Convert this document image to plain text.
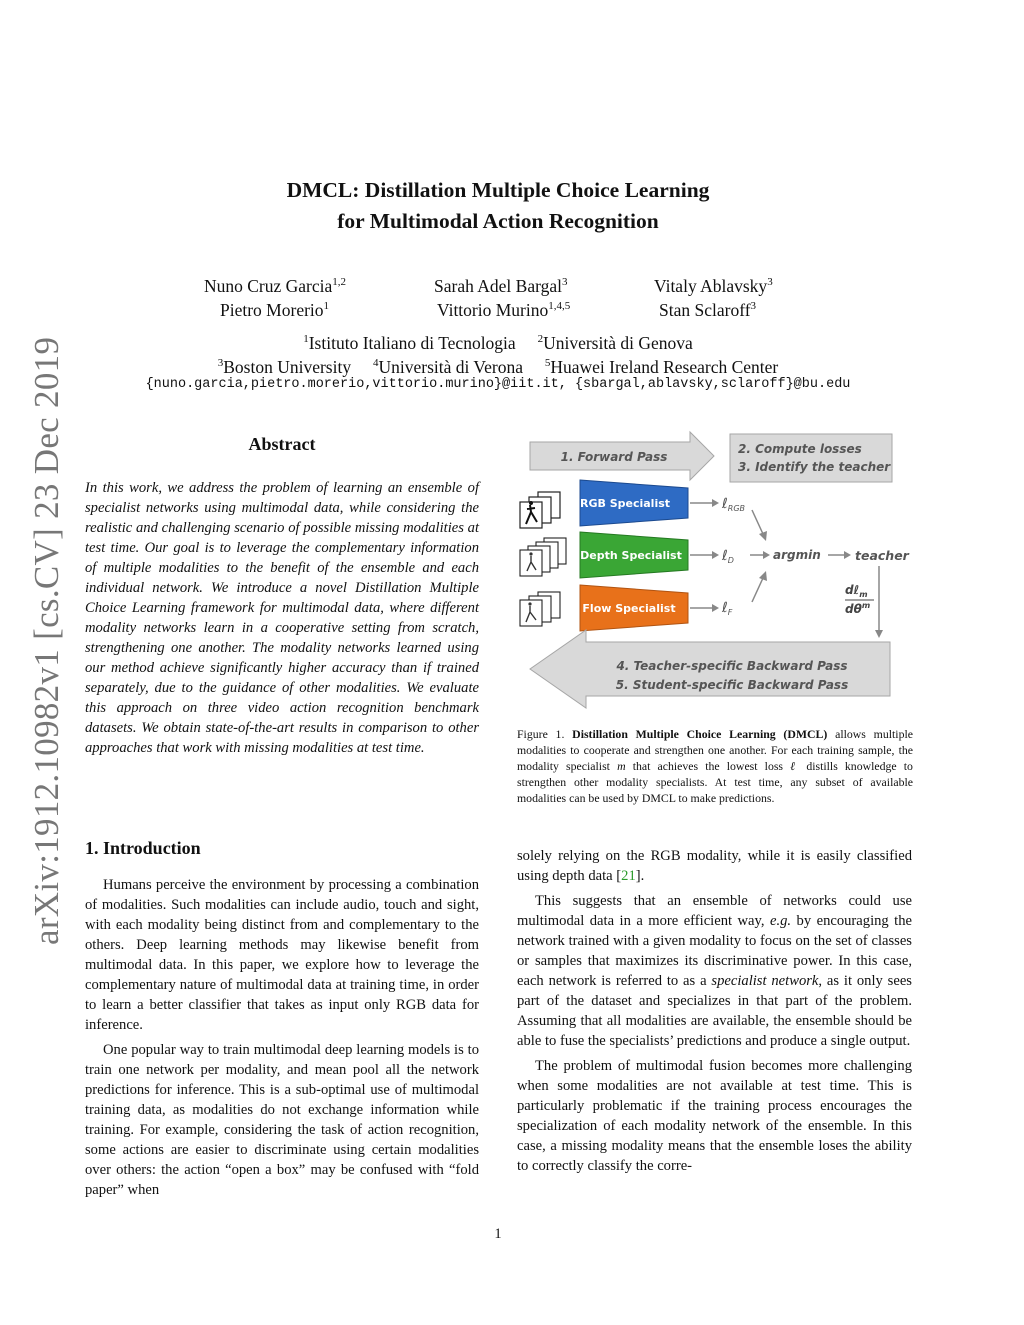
arXiv:1912.10982v1 [cs.CV] 23 Dec 2019
DMCL: Distillation Multiple Choice Learning
for Multimodal Action Recognition
Nuno Cruz Garcia$^{1,2}$	Sarah Adel Bargal$^3$	Vitaly Ablavsky$^3$
Pietro Morerio$^1$	Vittorio Murino$^{1,4,5}$	Stan Sclaroff$^3$
$^1$Istituto Italiano di Tecnologia $^2$Università di Genova
$^3$Boston University $^4$Università di Verona $^5$Huawei Ireland Research Center
{nuno.garcia,pietro.morerio,vittorio.murino}@iit.it, {sbargal,ablavsky,sclaroff}@bu.edu
Abstract
In this work, we address the problem of learning an ensemble of specialist networks using multimodal data, while considering the realistic and challenging scenario of possible missing modalities at test time. Our goal is to leverage the complementary information of multiple modalities to the benefit of the ensemble and each individual network. We introduce a novel Distillation Multiple Choice Learning framework for multimodal data, where different modality networks learn in a cooperative setting from scratch, strengthening one another. The modality networks learned using our method achieve significantly higher accuracy than if trained separately, due to the guidance of other modalities. We evaluate this approach on three video action recognition benchmark datasets. We obtain state-of-the-art results in comparison to other approaches that work with missing modalities at test time.
1. Forward Pass
2. Compute losses
3. Identify the teacher
RGB Specialist
Depth Specialist
Flow Specialist
ℓ$_{RGB}$
ℓ$_D$
ℓ$_F$
argmin	teacher
dℓ$_m$
$d\theta^m$
4. Teacher-specific Backward Pass
5. Student-specific Backward Pass
Figure 1. Distillation Multiple Choice Learning (DMCL) allows multiple modalities to cooperate and strengthen one another. For each training sample, the modality specialist m that achieves the lowest loss ℓ distills knowledge to strengthen other modality specialists. At test time, any subset of available modalities can be used by DMCL to make predictions.
1. Introduction

Humans perceive the environment by processing a combination of modalities. Such modalities can include audio, touch and sight, with each modality being distinct from and complementary to the others. Deep learning methods may likewise benefit from multimodal data. In this paper, we explore how to leverage the complementary nature of multimodal data at training time, in order to learn a better classifier that takes as input only RGB data for inference.

One popular way to train multimodal deep learning models is to train one network per modality, and mean pool all the network predictions for inference. This is a sub-optimal use of multimodal training data, as modalities do not exchange information while training. For example, considering the task of action recognition, some actions are easier to discriminate using certain modalities over others: the action “open a box” may be confused with “fold paper” when

solely relying on the RGB modality, while it is easily classified using depth data [21].

This suggests that an ensemble of networks could use multimodal data in a more efficient way, e.g. by encouraging the network trained with a given modality to focus on the set of classes or samples that maximizes its discriminative power. In this case, each network is referred to as a specialist network, as it only sees part of the dataset and specializes in that part of the problem. Assuming that all modalities are available, the ensemble should be able to fuse the specialists’ predictions and produce a single output.

The problem of multimodal fusion becomes more challenging when some modalities are not available at test time. This is particularly problematic if the training process encourages the specialization of each modality network of the ensemble. In this case, a missing modality means that the ensemble loses the ability to correctly classify the corre-

1
